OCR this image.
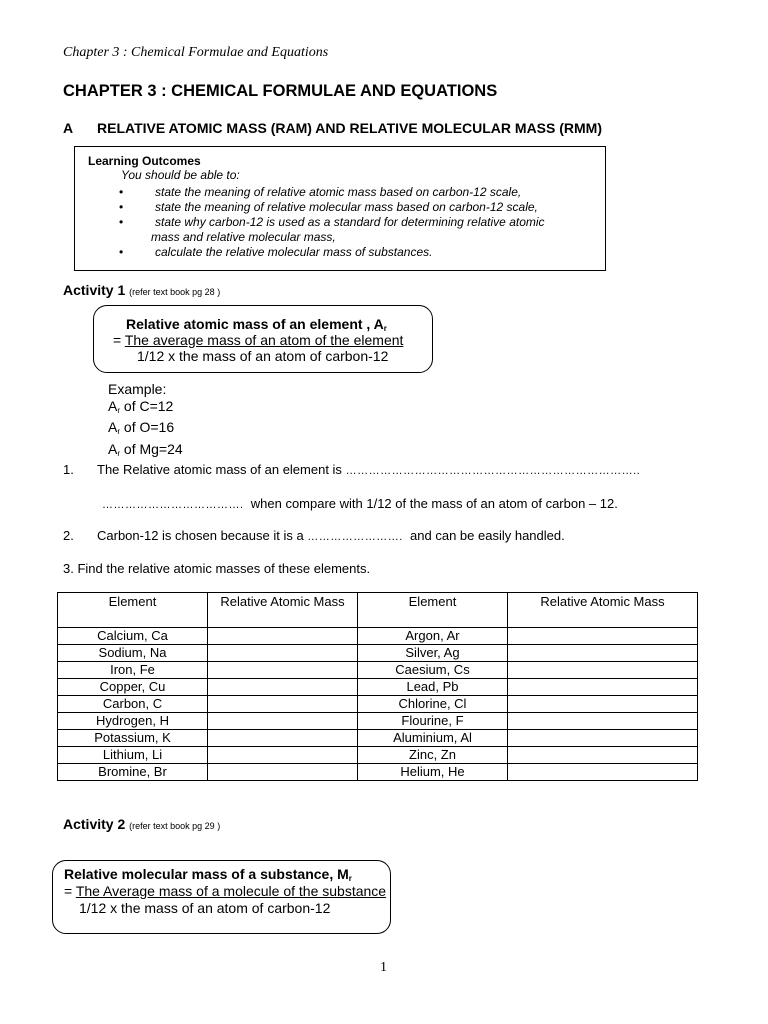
Chapter 3 : Chemical Formulae and Equations
CHAPTER 3 : CHEMICAL FORMULAE AND EQUATIONS
A RELATIVE ATOMIC MASS (RAM) AND RELATIVE MOLECULAR MASS (RMM)
Learning Outcomes
You should be able to:
•	state the meaning of relative atomic mass based on carbon-12 scale,
•	state the meaning of relative molecular mass based on carbon-12 scale,
•	state why carbon-12 is used as a standard for determining relative atomic
mass and relative molecular mass,
•	calculate the relative molecular mass of substances.
Activity 1 (refer text book pg 28 )
Relative atomic mass of an element , $A_r$
= The average mass of an atom of the element
1/12 x the mass of an atom of carbon-12
Example:
$A_r$ of C=12
$A_r$ of O=16
$A_r$ of Mg=24
1. The Relative atomic mass of an element is …………………………………………………………………..
……………………………….  when compare with 1/12 of the mass of an atom of carbon – 12.
2. Carbon-12 is chosen because it is a …………………….  and can be easily handled.
3. Find the relative atomic masses of these elements.
Element	Relative Atomic Mass	Element	Relative Atomic Mass
Calcium, Ca		Argon, Ar	
Sodium, Na		Silver, Ag	
Iron, Fe		Caesium, Cs	
Copper, Cu		Lead, Pb	
Carbon, C		Chlorine, Cl	
Hydrogen, H		Flourine, F	
Potassium, K		Aluminium, Al	
Lithium, Li		Zinc, Zn	
Bromine, Br		Helium, He	
Activity 2 (refer text book pg 29 )
Relative molecular mass of a substance, $M_r$
= The Average mass of a molecule of the substance
1/12 x the mass of an atom of carbon-12
1
